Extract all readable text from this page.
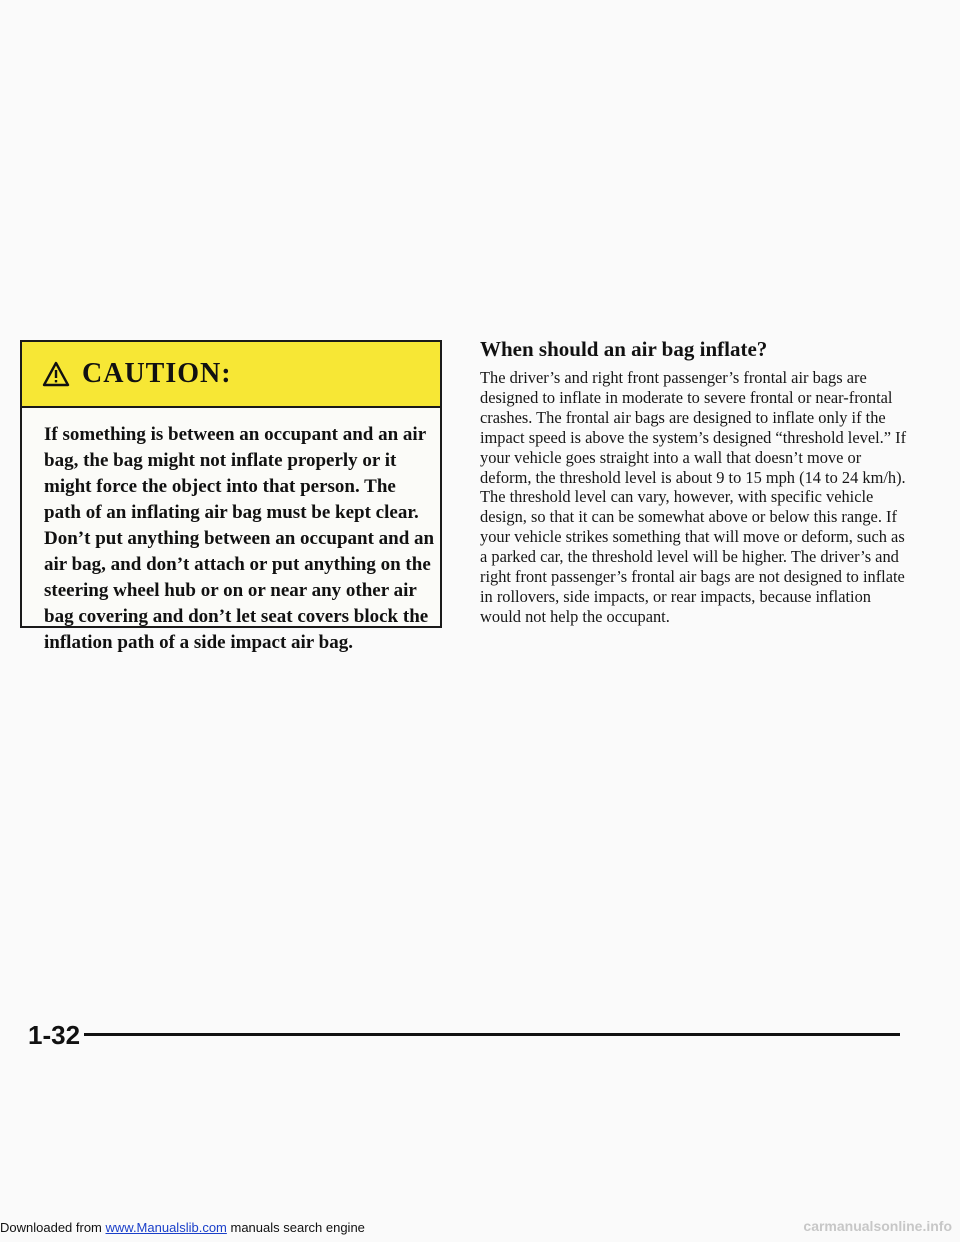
CAUTION:
If something is between an occupant and an air bag, the bag might not inflate properly or it might force the object into that person. The path of an inflating air bag must be kept clear. Don’t put anything between an occupant and an air bag, and don’t attach or put anything on the steering wheel hub or on or near any other air bag covering and don’t let seat covers block the inflation path of a side impact air bag.
When should an air bag inflate?
The driver’s and right front passenger’s frontal air bags are designed to inflate in moderate to severe frontal or near-frontal crashes. The frontal air bags are designed to inflate only if the impact speed is above the system’s designed “threshold level.” If your vehicle goes straight into a wall that doesn’t move or deform, the threshold level is about 9 to 15 mph (14 to 24 km/h). The threshold level can vary, however, with specific vehicle design, so that it can be somewhat above or below this range. If your vehicle strikes something that will move or deform, such as a parked car, the threshold level will be higher. The driver’s and right front passenger’s frontal air bags are not designed to inflate in rollovers, side impacts, or rear impacts, because inflation would not help the occupant.
1-32
Downloaded from www.Manualslib.com manuals search engine	carmanualsonline.info
